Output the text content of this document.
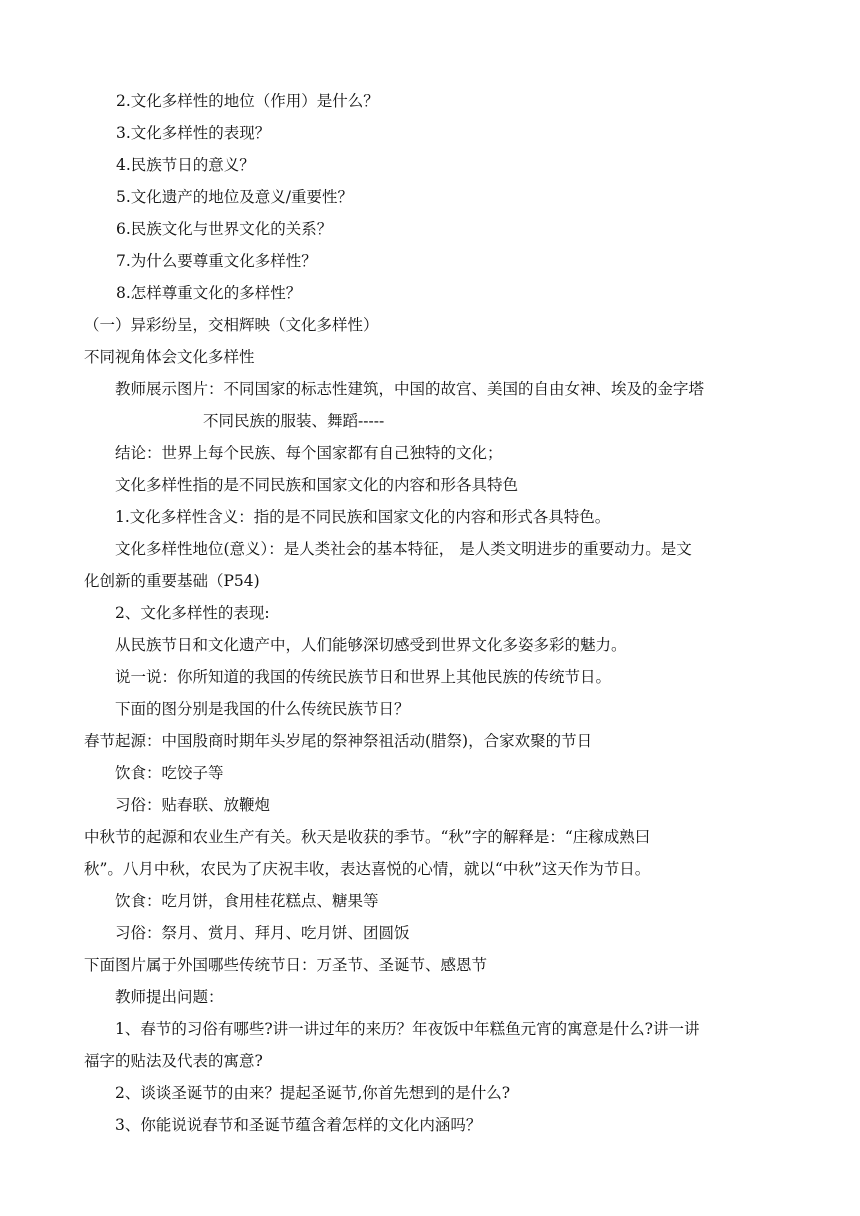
2.文化多样性的地位（作用）是什么？
3.文化多样性的表现？
4.民族节日的意义？
5.文化遗产的地位及意义/重要性？
6.民族文化与世界文化的关系？
7.为什么要尊重文化多样性？
8.怎样尊重文化的多样性？
（一）异彩纷呈，交相辉映（文化多样性）
不同视角体会文化多样性
教师展示图片：不同国家的标志性建筑，中国的故宫、美国的自由女神、埃及的金字塔
不同民族的服装、舞蹈-----
结论：世界上每个民族、每个国家都有自己独特的文化；
文化多样性指的是不同民族和国家文化的内容和形各具特色
1.文化多样性含义：指的是不同民族和国家文化的内容和形式各具特色。
文化多样性地位(意义）：是人类社会的基本特征， 是人类文明进步的重要动力。是文
化创新的重要基础（P54)
2、文化多样性的表现:
从民族节日和文化遗产中，人们能够深切感受到世界文化多姿多彩的魅力。
说一说：你所知道的我国的传统民族节日和世界上其他民族的传统节日。
下面的图分别是我国的什么传统民族节日？
春节起源：中国殷商时期年头岁尾的祭神祭祖活动(腊祭)，合家欢聚的节日
饮食：吃饺子等
习俗：贴春联、放鞭炮
中秋节的起源和农业生产有关。秋天是收获的季节。“秋”字的解释是：“庄稼成熟曰
秋”。八月中秋，农民为了庆祝丰收，表达喜悦的心情，就以“中秋”这天作为节日。
饮食：吃月饼，食用桂花糕点、糖果等
习俗：祭月、赏月、拜月、吃月饼、团圆饭
下面图片属于外国哪些传统节日：万圣节、圣诞节、感恩节
教师提出问题：
1、春节的习俗有哪些?讲一讲过年的来历？年夜饭中年糕鱼元宵的寓意是什么?讲一讲
福字的贴法及代表的寓意?
2、谈谈圣诞节的由来？提起圣诞节,你首先想到的是什么?
3、你能说说春节和圣诞节蕴含着怎样的文化内涵吗？
